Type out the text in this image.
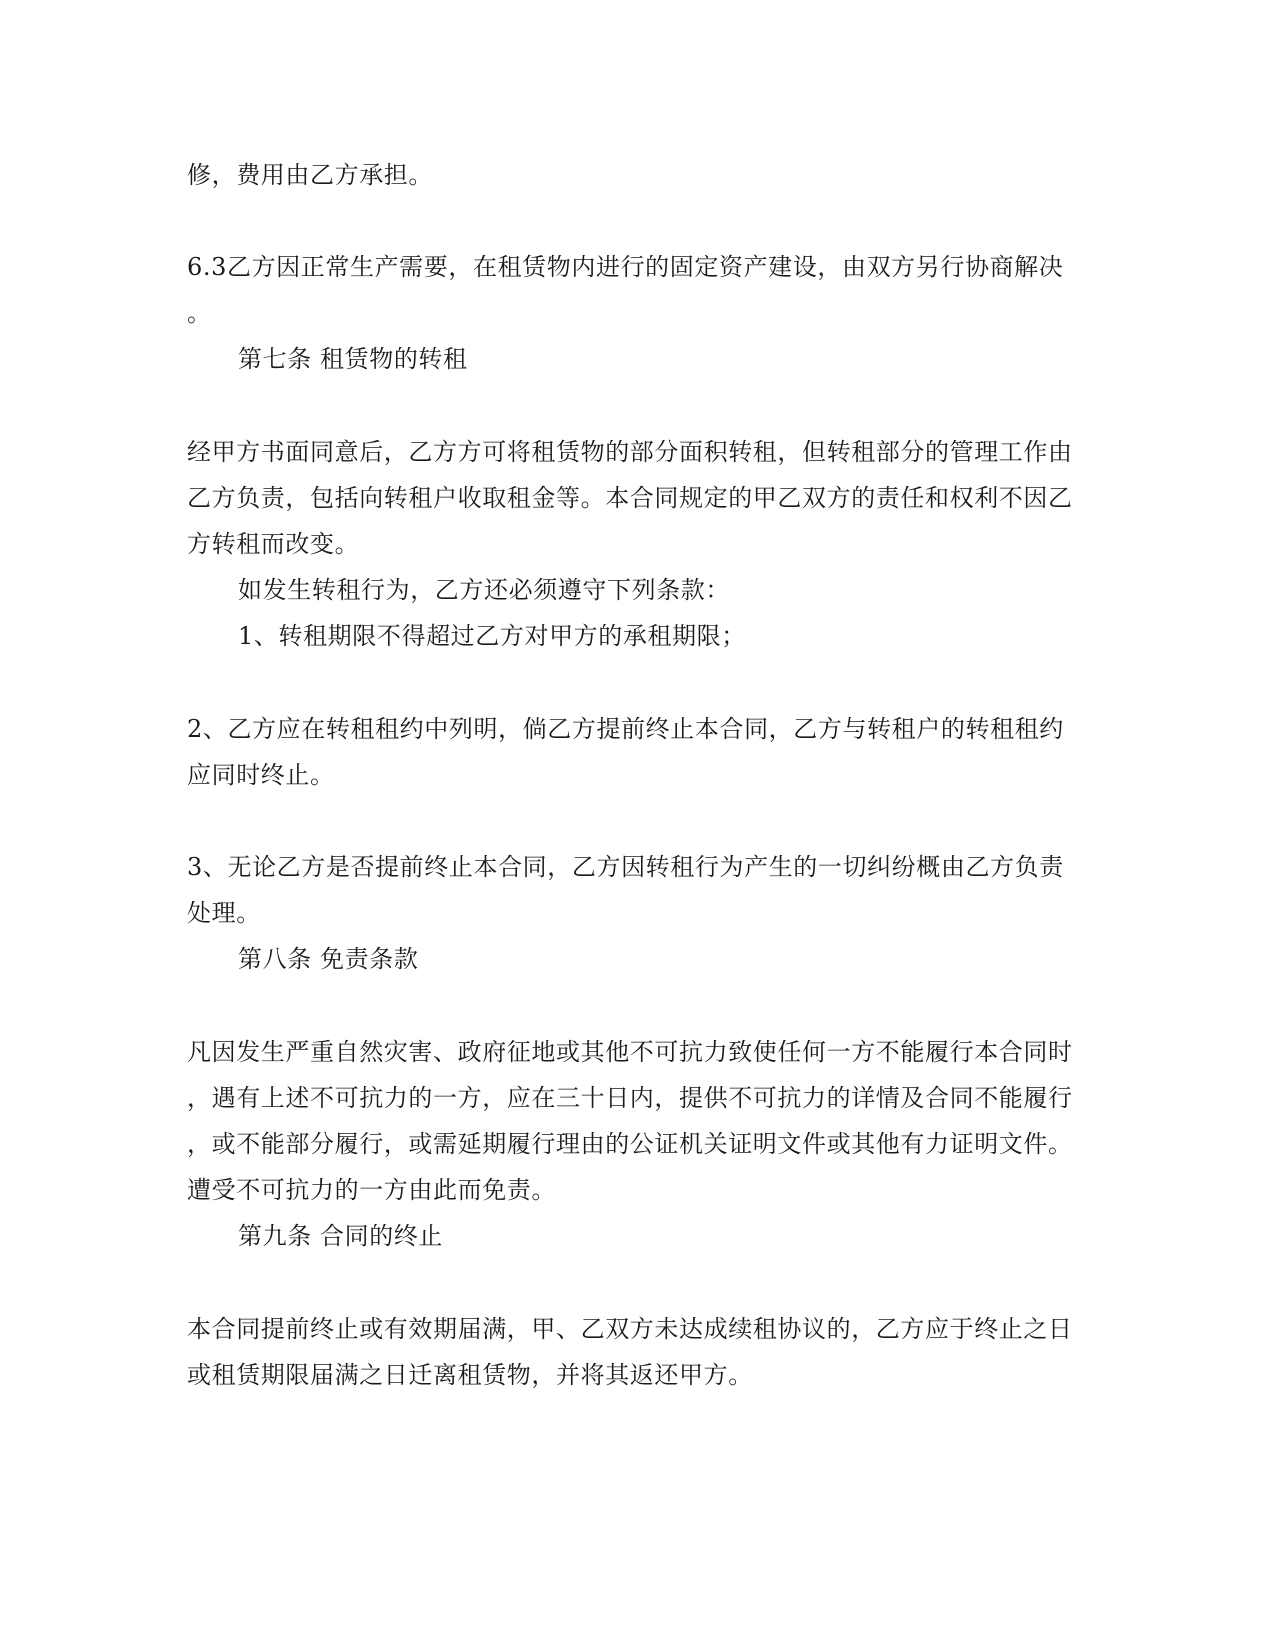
修，费用由乙方承担。
6.3乙方因正常生产需要，在租赁物内进行的固定资产建设，由双方另行协商解决
。
第七条 租赁物的转租
经甲方书面同意后，乙方方可将租赁物的部分面积转租，但转租部分的管理工作由
乙方负责，包括向转租户收取租金等。本合同规定的甲乙双方的责任和权利不因乙
方转租而改变。
如发生转租行为，乙方还必须遵守下列条款：
1、转租期限不得超过乙方对甲方的承租期限；
2、乙方应在转租租约中列明，倘乙方提前终止本合同，乙方与转租户的转租租约
应同时终止。
3、无论乙方是否提前终止本合同，乙方因转租行为产生的一切纠纷概由乙方负责
处理。
第八条 免责条款
凡因发生严重自然灾害、政府征地或其他不可抗力致使任何一方不能履行本合同时
，遇有上述不可抗力的一方，应在三十日内，提供不可抗力的详情及合同不能履行
，或不能部分履行，或需延期履行理由的公证机关证明文件或其他有力证明文件。
遭受不可抗力的一方由此而免责。
第九条 合同的终止
本合同提前终止或有效期届满，甲、乙双方未达成续租协议的，乙方应于终止之日
或租赁期限届满之日迁离租赁物，并将其返还甲方。
